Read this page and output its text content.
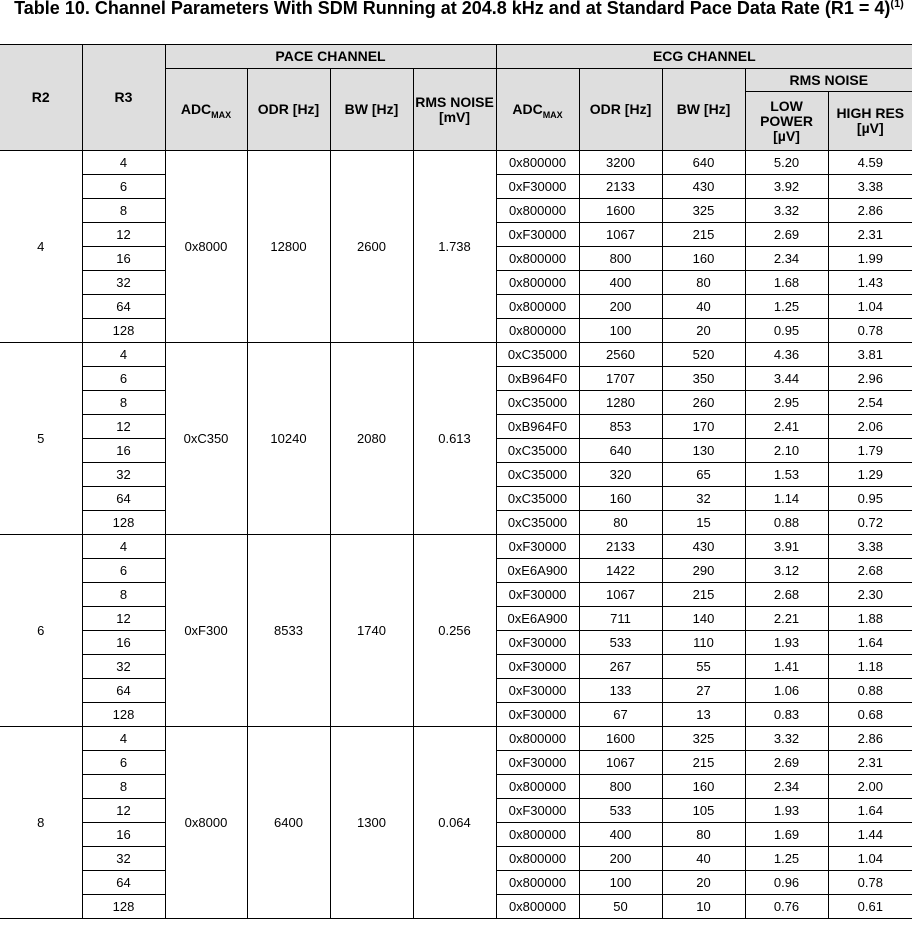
Table 10. Channel Parameters With SDM Running at 204.8 kHz and at Standard Pace Data Rate (R1 = 4)$^{(1)}$
R2	R3	PACE CHANNEL				ECG CHANNEL				
		$ADC_{MAX}$	ODR [Hz]	BW [Hz]	RMS NOISE [mV]	$ADC_{MAX}$	ODR [Hz]	BW [Hz]	RMS NOISE	
									LOW POWER [µV]	HIGH RES [µV]
4	4	0x8000	12800	2600	1.738	0x800000	3200	640	5.20	4.59
	6					0xF30000	2133	430	3.92	3.38
	8					0x800000	1600	325	3.32	2.86
	12					0xF30000	1067	215	2.69	2.31
	16					0x800000	800	160	2.34	1.99
	32					0x800000	400	80	1.68	1.43
	64					0x800000	200	40	1.25	1.04
	128					0x800000	100	20	0.95	0.78
5	4	0xC350	10240	2080	0.613	0xC35000	2560	520	4.36	3.81
	6					0xB964F0	1707	350	3.44	2.96
	8					0xC35000	1280	260	2.95	2.54
	12					0xB964F0	853	170	2.41	2.06
	16					0xC35000	640	130	2.10	1.79
	32					0xC35000	320	65	1.53	1.29
	64					0xC35000	160	32	1.14	0.95
	128					0xC35000	80	15	0.88	0.72
6	4	0xF300	8533	1740	0.256	0xF30000	2133	430	3.91	3.38
	6					0xE6A900	1422	290	3.12	2.68
	8					0xF30000	1067	215	2.68	2.30
	12					0xE6A900	711	140	2.21	1.88
	16					0xF30000	533	110	1.93	1.64
	32					0xF30000	267	55	1.41	1.18
	64					0xF30000	133	27	1.06	0.88
	128					0xF30000	67	13	0.83	0.68
8	4	0x8000	6400	1300	0.064	0x800000	1600	325	3.32	2.86
	6					0xF30000	1067	215	2.69	2.31
	8					0x800000	800	160	2.34	2.00
	12					0xF30000	533	105	1.93	1.64
	16					0x800000	400	80	1.69	1.44
	32					0x800000	200	40	1.25	1.04
	64					0x800000	100	20	0.96	0.78
	128					0x800000	50	10	0.76	0.61
